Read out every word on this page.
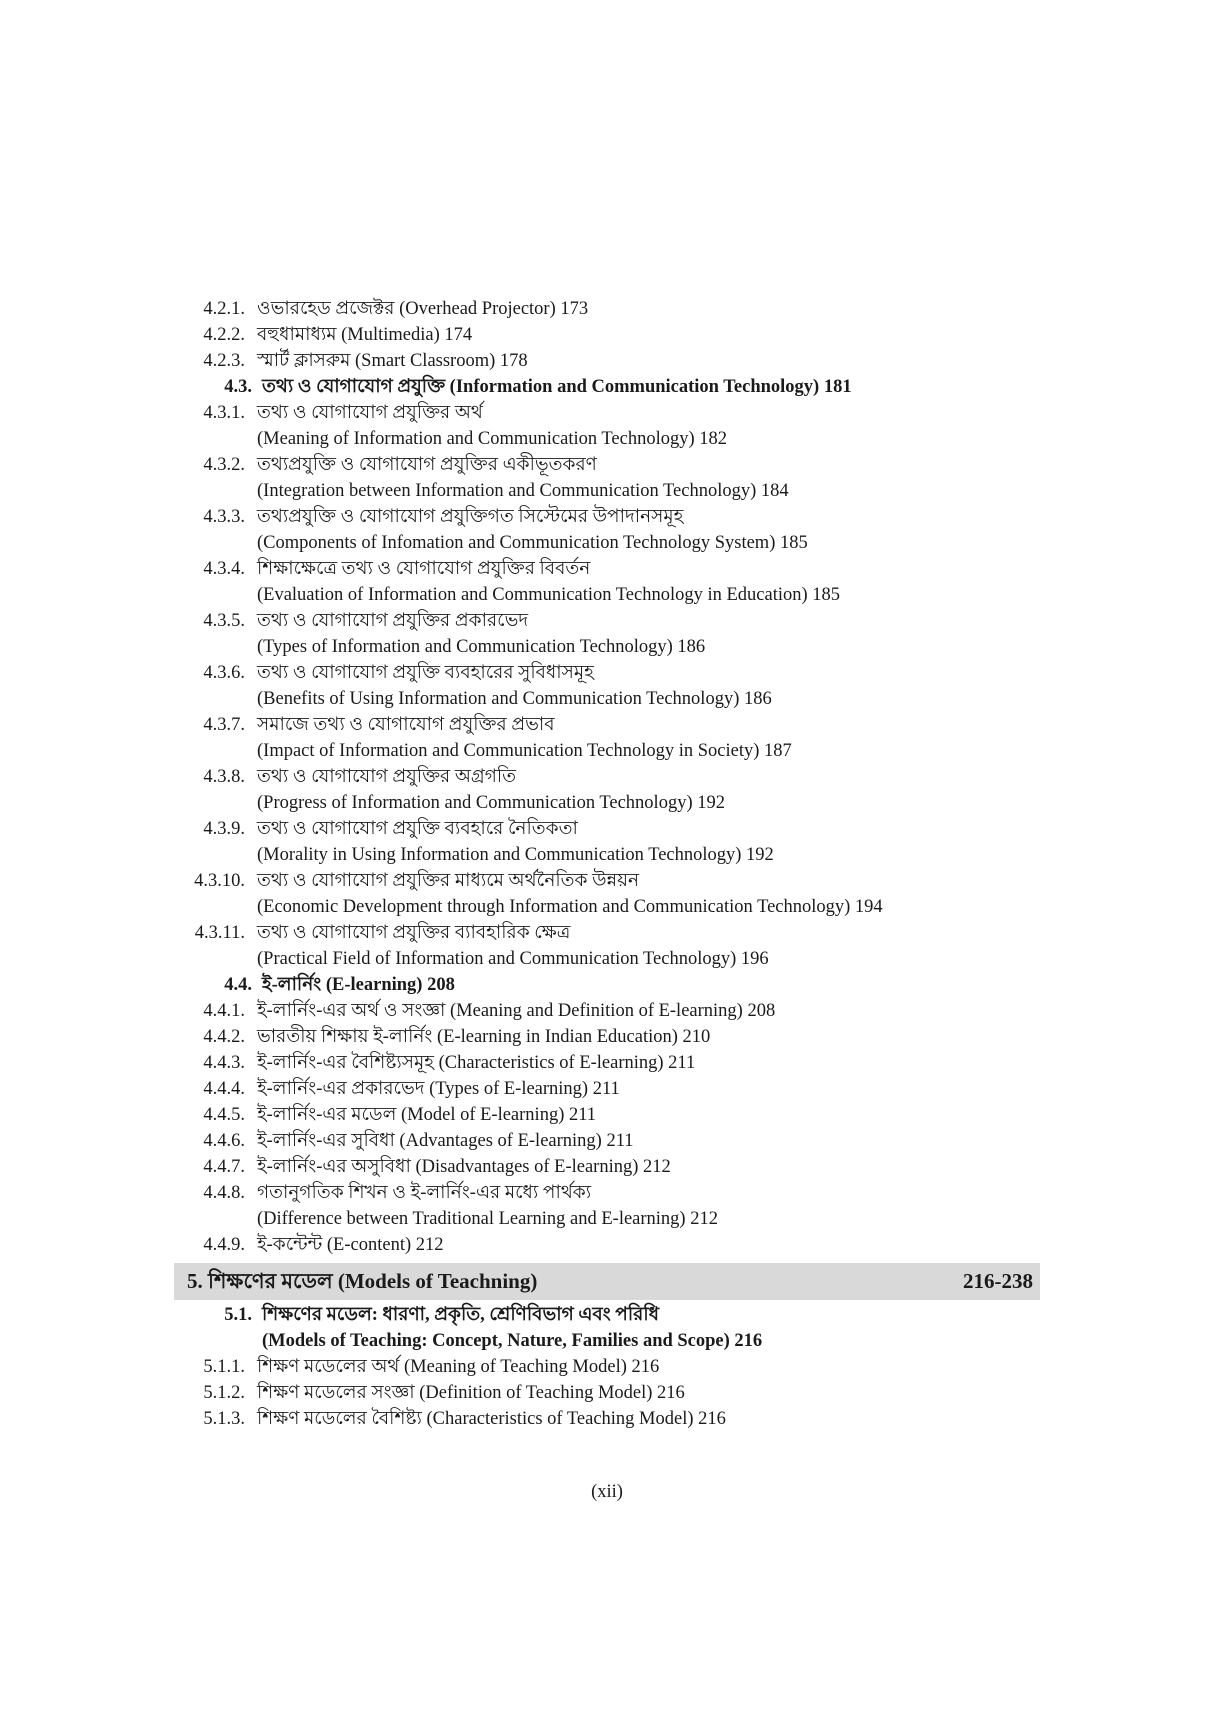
4.2.1. ওভারহেড প্রজেক্টর (Overhead Projector) 173
4.2.2. বহুধামাধ্যম (Multimedia) 174
4.2.3. স্মার্ট ক্লাসরুম (Smart Classroom) 178
4.3. তথ্য ও যোগাযোগ প্রযুক্তি (Information and Communication Technology) 181
4.3.1. তথ্য ও যোগাযোগ প্রযুক্তির অর্থ
(Meaning of Information and Communication Technology) 182
4.3.2. তথ্যপ্রযুক্তি ও যোগাযোগ প্রযুক্তির একীভূতকরণ
(Integration between Information and Communication Technology) 184
4.3.3. তথ্যপ্রযুক্তি ও যোগাযোগ প্রযুক্তিগত সিস্টেমের উপাদানসমূহ
(Components of Infomation and Communication Technology System) 185
4.3.4. শিক্ষাক্ষেত্রে তথ্য ও যোগাযোগ প্রযুক্তির বিবর্তন
(Evaluation of Information and Communication Technology in Education) 185
4.3.5. তথ্য ও যোগাযোগ প্রযুক্তির প্রকারভেদ
(Types of Information and Communication Technology) 186
4.3.6. তথ্য ও যোগাযোগ প্রযুক্তি ব্যবহারের সুবিধাসমূহ
(Benefits of Using Information and Communication Technology) 186
4.3.7. সমাজে তথ্য ও যোগাযোগ প্রযুক্তির প্রভাব
(Impact of Information and Communication Technology in Society) 187
4.3.8. তথ্য ও যোগাযোগ প্রযুক্তির অগ্রগতি
(Progress of Information and Communication Technology) 192
4.3.9. তথ্য ও যোগাযোগ প্রযুক্তি ব্যবহারে নৈতিকতা
(Morality in Using Information and Communication Technology) 192
4.3.10. তথ্য ও যোগাযোগ প্রযুক্তির মাধ্যমে অর্থনৈতিক উন্নয়ন
(Economic Development through Information and Communication Technology) 194
4.3.11. তথ্য ও যোগাযোগ প্রযুক্তির ব্যাবহারিক ক্ষেত্র
(Practical Field of Information and Communication Technology) 196
4.4. ই-লার্নিং (E-learning) 208
4.4.1. ই-লার্নিং-এর অর্থ ও সংজ্ঞা (Meaning and Definition of E-learning) 208
4.4.2. ভারতীয় শিক্ষায় ই-লার্নিং (E-learning in Indian Education) 210
4.4.3. ই-লার্নিং-এর বৈশিষ্ট্যসমূহ (Characteristics of E-learning) 211
4.4.4. ই-লার্নিং-এর প্রকারভেদ (Types of E-learning) 211
4.4.5. ই-লার্নিং-এর মডেল (Model of E-learning) 211
4.4.6. ই-লার্নিং-এর সুবিধা (Advantages of E-learning) 211
4.4.7. ই-লার্নিং-এর অসুবিধা (Disadvantages of E-learning) 212
4.4.8. গতানুগতিক শিখন ও ই-লার্নিং-এর মধ্যে পার্থক্য
(Difference between Traditional Learning and E-learning) 212
4.4.9. ই-কন্টেন্ট (E-content) 212
5. শিক্ষণের মডেল (Models of Teachning)	216-238
5.1. শিক্ষণের মডেল: ধারণা, প্রকৃতি, শ্রেণিবিভাগ এবং পরিধি
(Models of Teaching: Concept, Nature, Families and Scope) 216
5.1.1. শিক্ষণ মডেলের অর্থ (Meaning of Teaching Model) 216
5.1.2. শিক্ষণ মডেলের সংজ্ঞা (Definition of Teaching Model) 216
5.1.3. শিক্ষণ মডেলের বৈশিষ্ট্য (Characteristics of Teaching Model) 216
(xii)
